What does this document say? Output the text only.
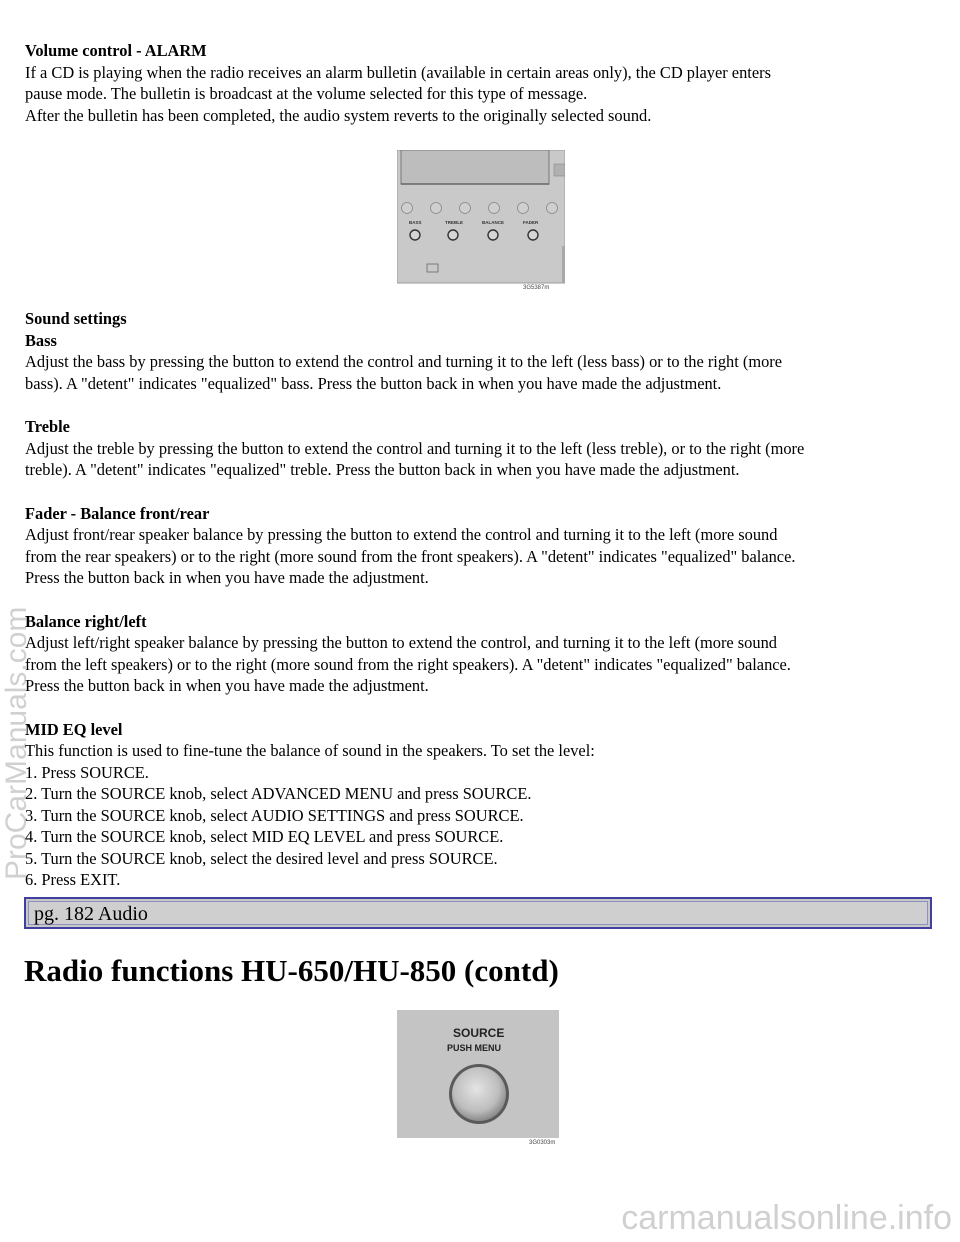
Volume control - ALARM

If a CD is playing when the radio receives an alarm bulletin (available in certain areas only), the CD player enters

pause mode. The bulletin is broadcast at the volume selected for this type of message.

After the bulletin has been completed, the audio system reverts to the originally selected sound.

Sound settings

Bass

Adjust the bass by pressing the button to extend the control and turning it to the left (less bass) or to the right (more

bass). A "detent" indicates "equalized" bass. Press the button back in when you have made the adjustment.

Treble

Adjust the treble by pressing the button to extend the control and turning it to the left (less treble), or to the right (more

treble). A "detent" indicates "equalized" treble. Press the button back in when you have made the adjustment.

Fader - Balance front/rear

Adjust front/rear speaker balance by pressing the button to extend the control and turning it to the left (more sound

from the rear speakers) or to the right (more sound from the front speakers). A "detent" indicates "equalized" balance.

Press the button back in when you have made the adjustment.

Balance right/left

Adjust left/right speaker balance by pressing the button to extend the control, and turning it to the left (more sound

from the left speakers) or to the right (more sound from the right speakers). A "detent" indicates "equalized" balance.

Press the button back in when you have made the adjustment.

MID EQ level

This function is used to fine-tune the balance of sound in the speakers. To set the level:

1. Press SOURCE.

2. Turn the SOURCE knob, select ADVANCED MENU and press SOURCE.

3. Turn the SOURCE knob, select AUDIO SETTINGS and press SOURCE.

4. Turn the SOURCE knob, select MID EQ LEVEL and press SOURCE.

5. Turn the SOURCE knob, select the desired level and press SOURCE.

6. Press EXIT.

BASS	TREBLE	BALANCE	FADER
3G5387m
pg. 182 Audio
Radio functions HU-650/HU-850 (contd)
SOURCE
PUSH MENU
3G0303m
ProCarManuals.com
carmanualsonline.info
